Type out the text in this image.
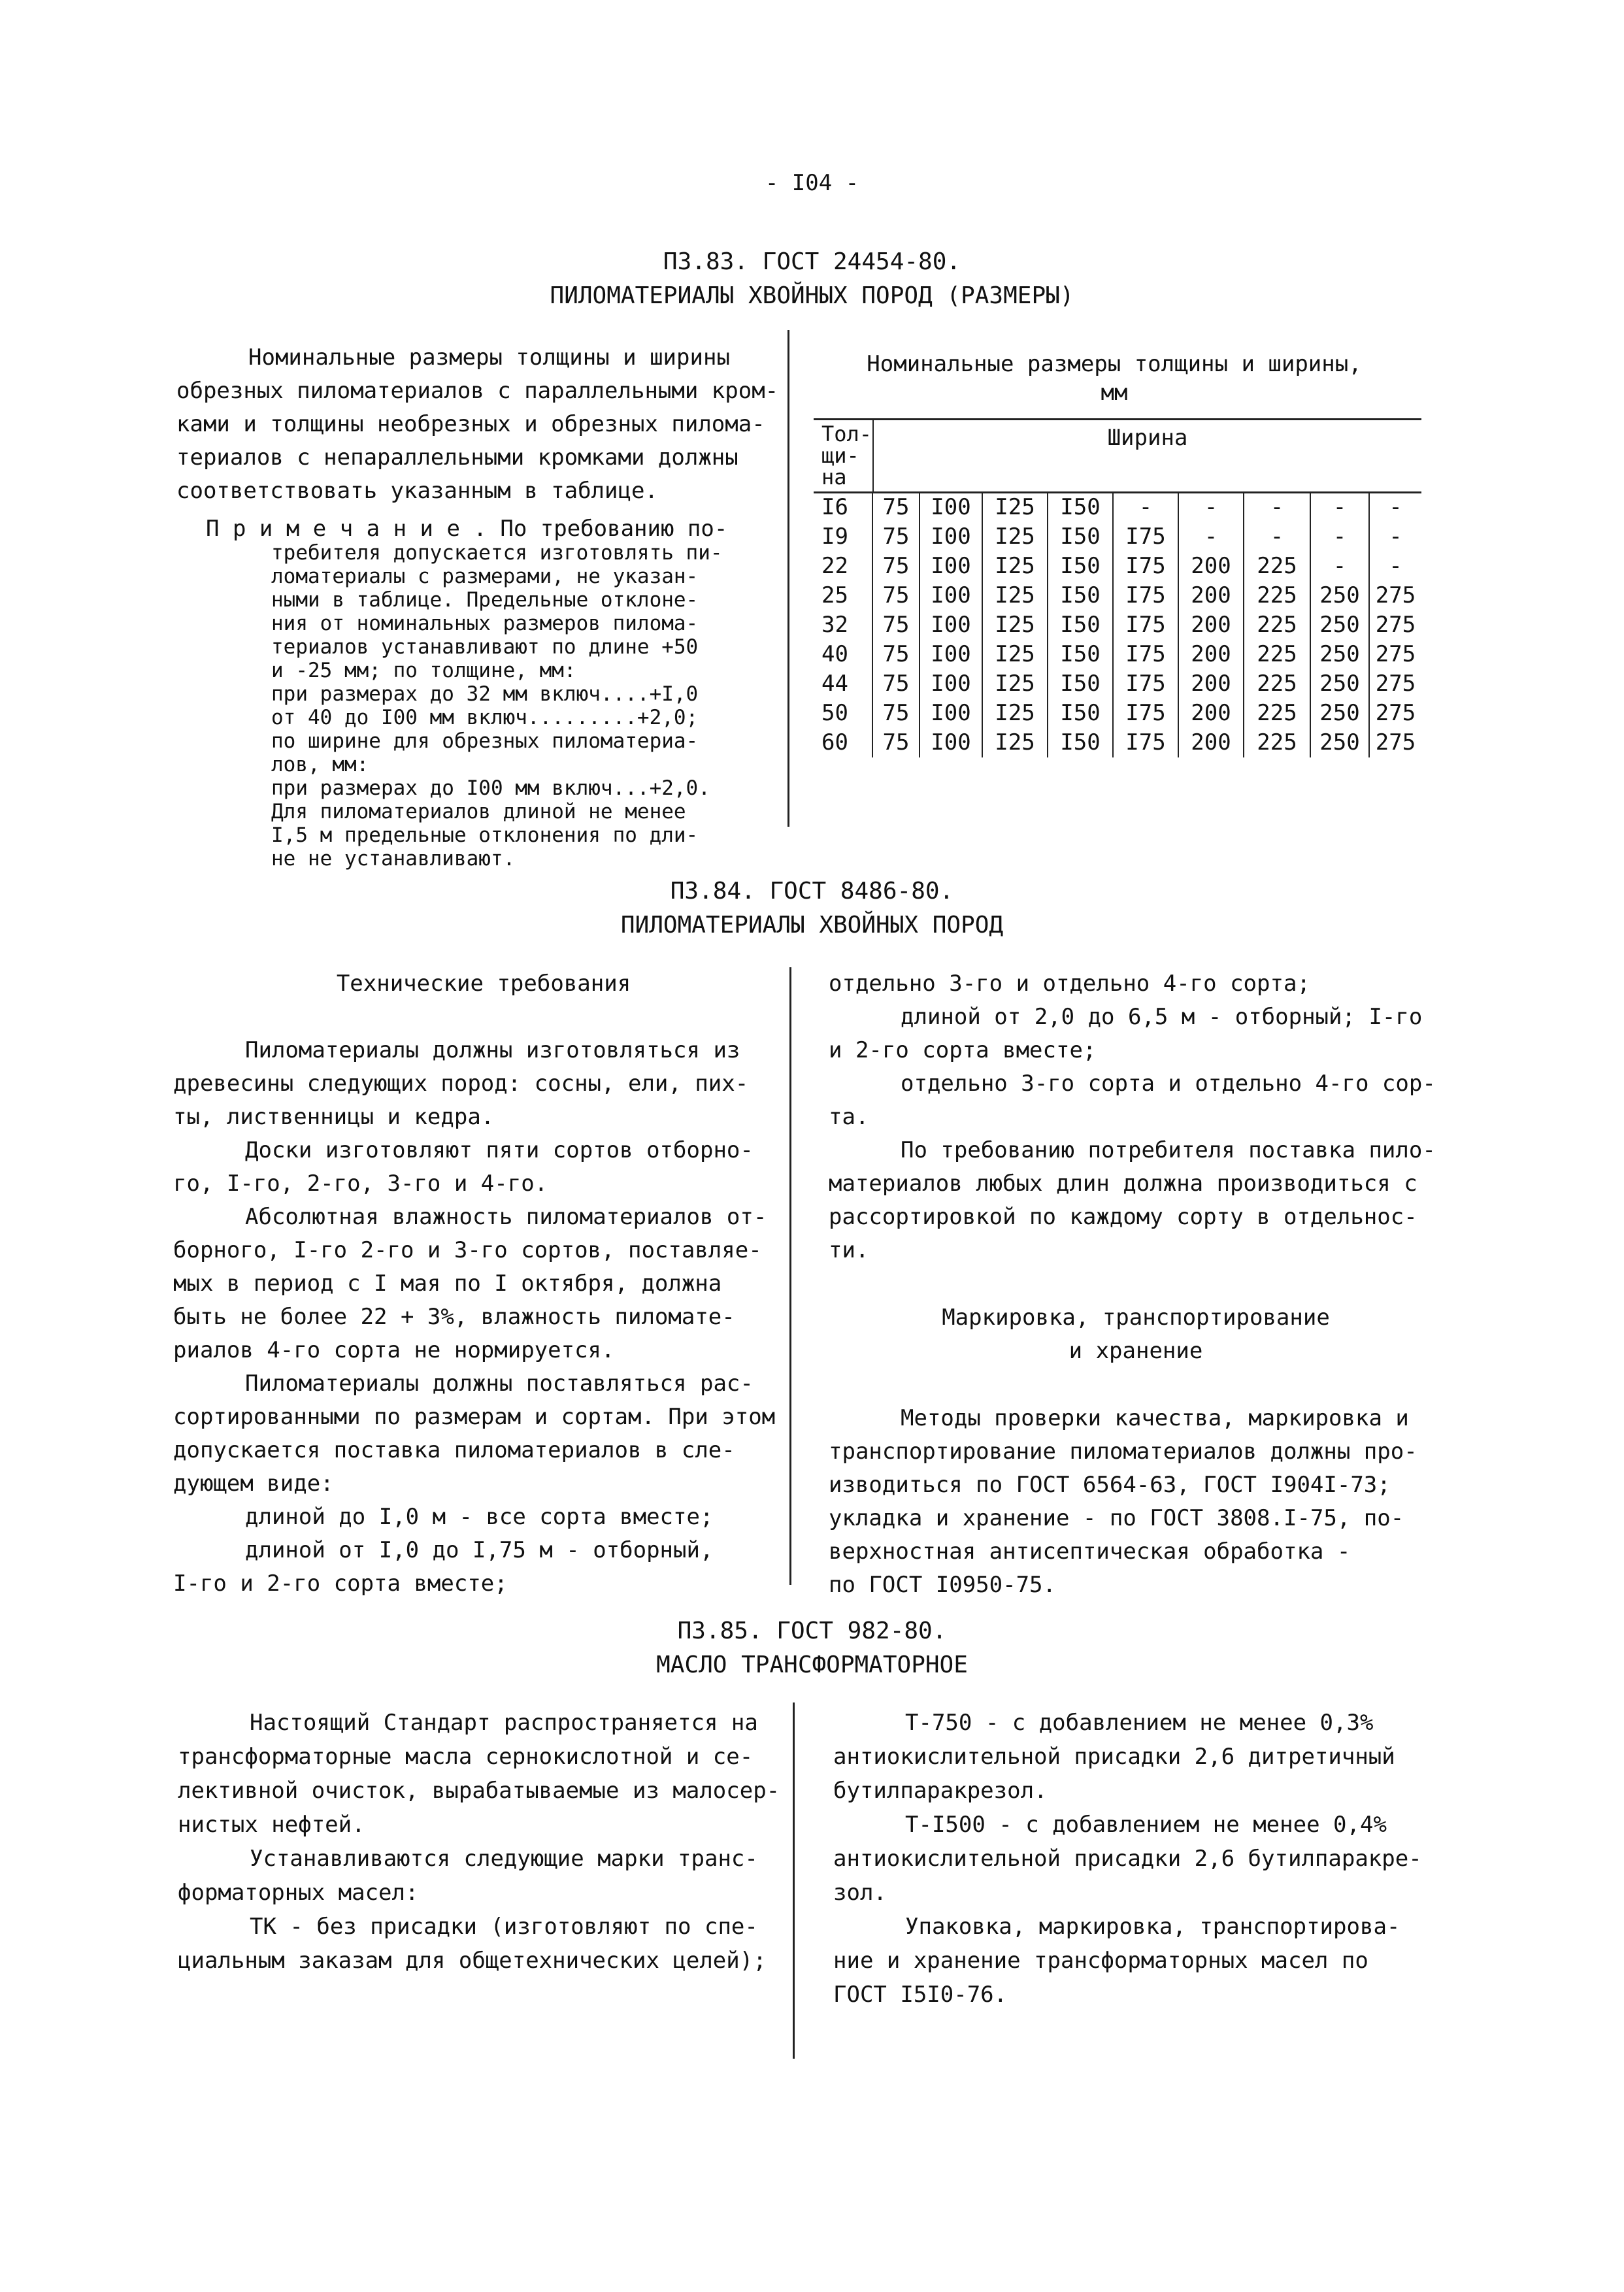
- I04 -
П3.83. ГОСТ 24454-80.
ПИЛОМАТЕРИАЛЫ ХВОЙНЫХ ПОРОД (РАЗМЕРЫ)

Номинальные размеры толщины и ширины

обрезных пиломатериалов с параллельными кром-

ками и толщины необрезных и обрезных пилома-

териалов с непараллельными кромками должны

соответствовать указанным в таблице.

П р и м е ч а н и е . По требованию по-
требителя допускается изготовлять пи-
ломатериалы с размерами, не указан-
ными в таблице. Предельные отклоне-
ния от номинальных размеров пилома-
териалов устанавливают по длине +50
и -25 мм; по толщине, мм:
при размерах до 32 мм включ....+I,0
от 40 до I00 мм включ.........+2,0;
по ширине для обрезных пиломатериа-
лов, мм:
при размерах до I00 мм включ...+2,0.
Для пиломатериалов длиной не менее
I,5 м предельные отклонения по дли-
не не устанавливают.
Номинальные размеры толщины и ширины,
мм
Тол-
щи-
на
Ширина
I6	75	I00	I25	I50	-	-	-	-	-
I9	75	I00	I25	I50	I75	-	-	-	-
22	75	I00	I25	I50	I75	200	225	-	-
25	75	I00	I25	I50	I75	200	225	250	275
32	75	I00	I25	I50	I75	200	225	250	275
40	75	I00	I25	I50	I75	200	225	250	275
44	75	I00	I25	I50	I75	200	225	250	275
50	75	I00	I25	I50	I75	200	225	250	275
60	75	I00	I25	I50	I75	200	225	250	275
П3.84. ГОСТ 8486-80.
ПИЛОМАТЕРИАЛЫ ХВОЙНЫХ ПОРОД

Технические требования

Пиломатериалы должны изготовляться из

древесины следующих пород: сосны, ели, пих-

ты, лиственницы и кедра.

Доски изготовляют пяти сортов отборно-

го, I-го, 2-го, 3-го и 4-го.

Абсолютная влажность пиломатериалов от-

борного, I-го 2-го и 3-го сортов, поставляе-

мых в период с I мая по I октября, должна

быть не более 22 + 3%, влажность пиломате-

риалов 4-го сорта не нормируется.

Пиломатериалы должны поставляться рас-

сортированными по размерам и сортам. При этом

допускается поставка пиломатериалов в сле-

дующем виде:

длиной до I,0 м - все сорта вместе;

длиной от I,0 до I,75 м - отборный,

I-го и 2-го сорта вместе;

отдельно 3-го и отдельно 4-го сорта;

длиной от 2,0 до 6,5 м - отборный; I-го

и 2-го сорта вместе;

отдельно 3-го сорта и отдельно 4-го сор-

та.

По требованию потребителя поставка пило-

материалов любых длин должна производиться с

рассортировкой по каждому сорту в отдельнос-

ти.

Маркировка, транспортирование

и хранение

Методы проверки качества, маркировка и

транспортирование пиломатериалов должны про-

изводиться по ГОСТ 6564-63, ГОСТ I904I-73;

укладка и хранение - по ГОСТ 3808.I-75, по-

верхностная антисептическая обработка -

по ГОСТ I0950-75.

П3.85. ГОСТ 982-80.
МАСЛО ТРАНСФОРМАТОРНОЕ

Настоящий Стандарт распространяется на

трансформаторные масла сернокислотной и се-

лективной очисток, вырабатываемые из малосер-

нистых нефтей.

Устанавливаются следующие марки транс-

форматорных масел:

ТК - без присадки (изготовляют по спе-

циальным заказам для общетехнических целей);

Т-750 - с добавлением не менее 0,3%

антиокислительной присадки 2,6 дитретичный

бутилпаракрезол.

Т-I500 - с добавлением не менее 0,4%

антиокислительной присадки 2,6 бутилпаракре-

зол.

Упаковка, маркировка, транспортирова-

ние и хранение трансформаторных масел по

ГОСТ I5I0-76.
